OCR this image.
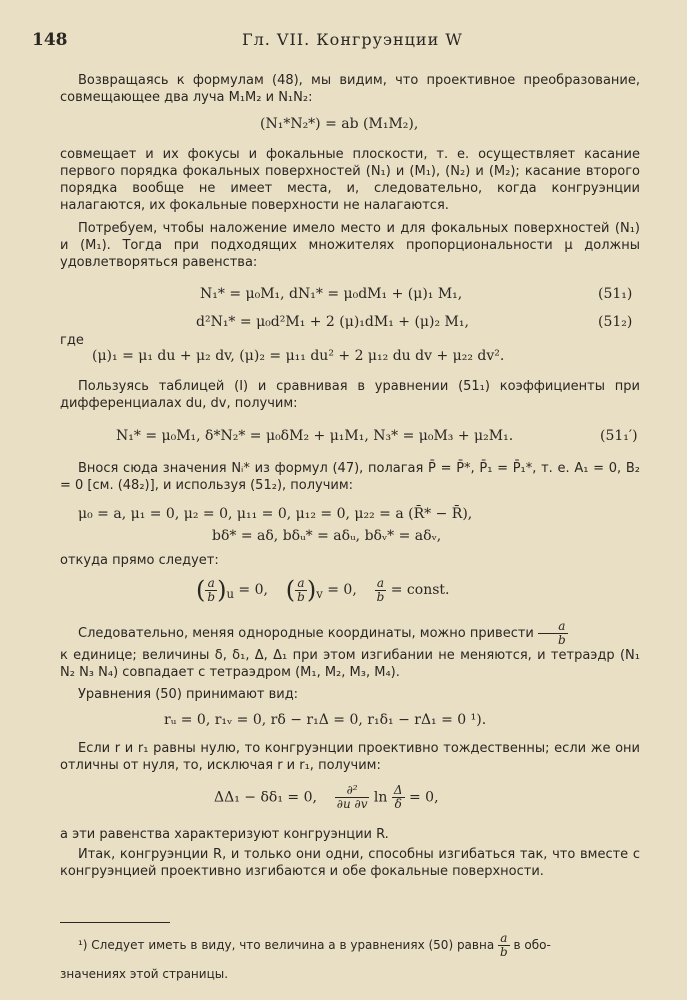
148	Гл. VII. Конгруэнции W

Возвращаясь к формулам (48), мы видим, что проективное преобразование, совмещающее два луча M₁M₂ и N₁N₂:

(N₁*N₂*) = ab (M₁M₂),

совмещает и их фокусы и фокальные плоскости, т. е. осуществляет касание первого порядка фокальных поверхностей (N₁) и (M₁), (N₂) и (M₂); касание второго порядка вообще не имеет места, и, следовательно, когда конгруэнции налагаются, их фокальные поверхности не налагаются.

Потребуем, чтобы наложение имело место и для фокальных поверхностей (N₁) и (M₁). Тогда при подходящих множителях пропорциональности μ должны удовлетворяться равенства:

N₁* = μ₀M₁, dN₁* = μ₀dM₁ + (μ)₁ M₁,	(51₁)
d²N₁* = μ₀d²M₁ + 2 (μ)₁dM₁ + (μ)₂ M₁,	(51₂)

где

(μ)₁ = μ₁ du + μ₂ dv, (μ)₂ = μ₁₁ du² + 2 μ₁₂ du dv + μ₂₂ dv².

Пользуясь таблицей (I) и сравнивая в уравнении (51₁) коэффициенты при дифференциалах du, dv, получим:

N₁* = μ₀M₁, δ*N₂* = μ₀δM₂ + μ₁M₁, N₃* = μ₀M₃ + μ₂M₁.	(51₁′)

Внося сюда значения Nᵢ* из формул (47), полагая P̄ = P̄*, P̄₁ = P̄₁*, т. е. A₁ = 0, B₂ = 0 [см. (48₂)], и используя (51₂), получим:

μ₀ = a, μ₁ = 0, μ₂ = 0, μ₁₁ = 0, μ₁₂ = 0, μ₂₂ = a (R̄* − R̄),
bδ* = aδ, bδᵤ* = aδᵤ, bδᵥ* = aδᵥ,

откуда прямо следует:

( $\frac{a}{b} )_u = 0$, ( $\frac{a}{b} )_v = 0$, $\frac{a}{b}$ = const.

Следовательно, меняя однородные координаты, можно привести $\frac{a}{b}$

к единице; величины δ, δ₁, Δ, Δ₁ при этом изгибании не меняются, и тетраэдр (N₁ N₂ N₃ N₄) совпадает с тетраэдром (M₁, M₂, M₃, M₄).

Уравнения (50) принимают вид:

rᵤ = 0, r₁ᵥ = 0, rδ − r₁Δ = 0, r₁δ₁ − rΔ₁ = 0 ¹).

Если r и r₁ равны нулю, то конгруэнции проективно тождественны; если же они отличны от нуля, то, исключая r и r₁, получим:

ΔΔ₁ − δδ₁ = 0, $\frac{\text{∂²}}{\partial u \partial v}$ $\ln \frac{\Delta}{\delta} = 0$,

а эти равенства характеризуют конгруэнции R.

Итак, конгруэнции R, и только они одни, способны изгибаться так, что вместе с конгруэнцией проективно изгибаются и обе фокальные поверхности.

¹) Следует иметь в виду, что величина a в уравнениях (50) равна $\frac{a}{b}$ в обо-
значениях этой страницы.
